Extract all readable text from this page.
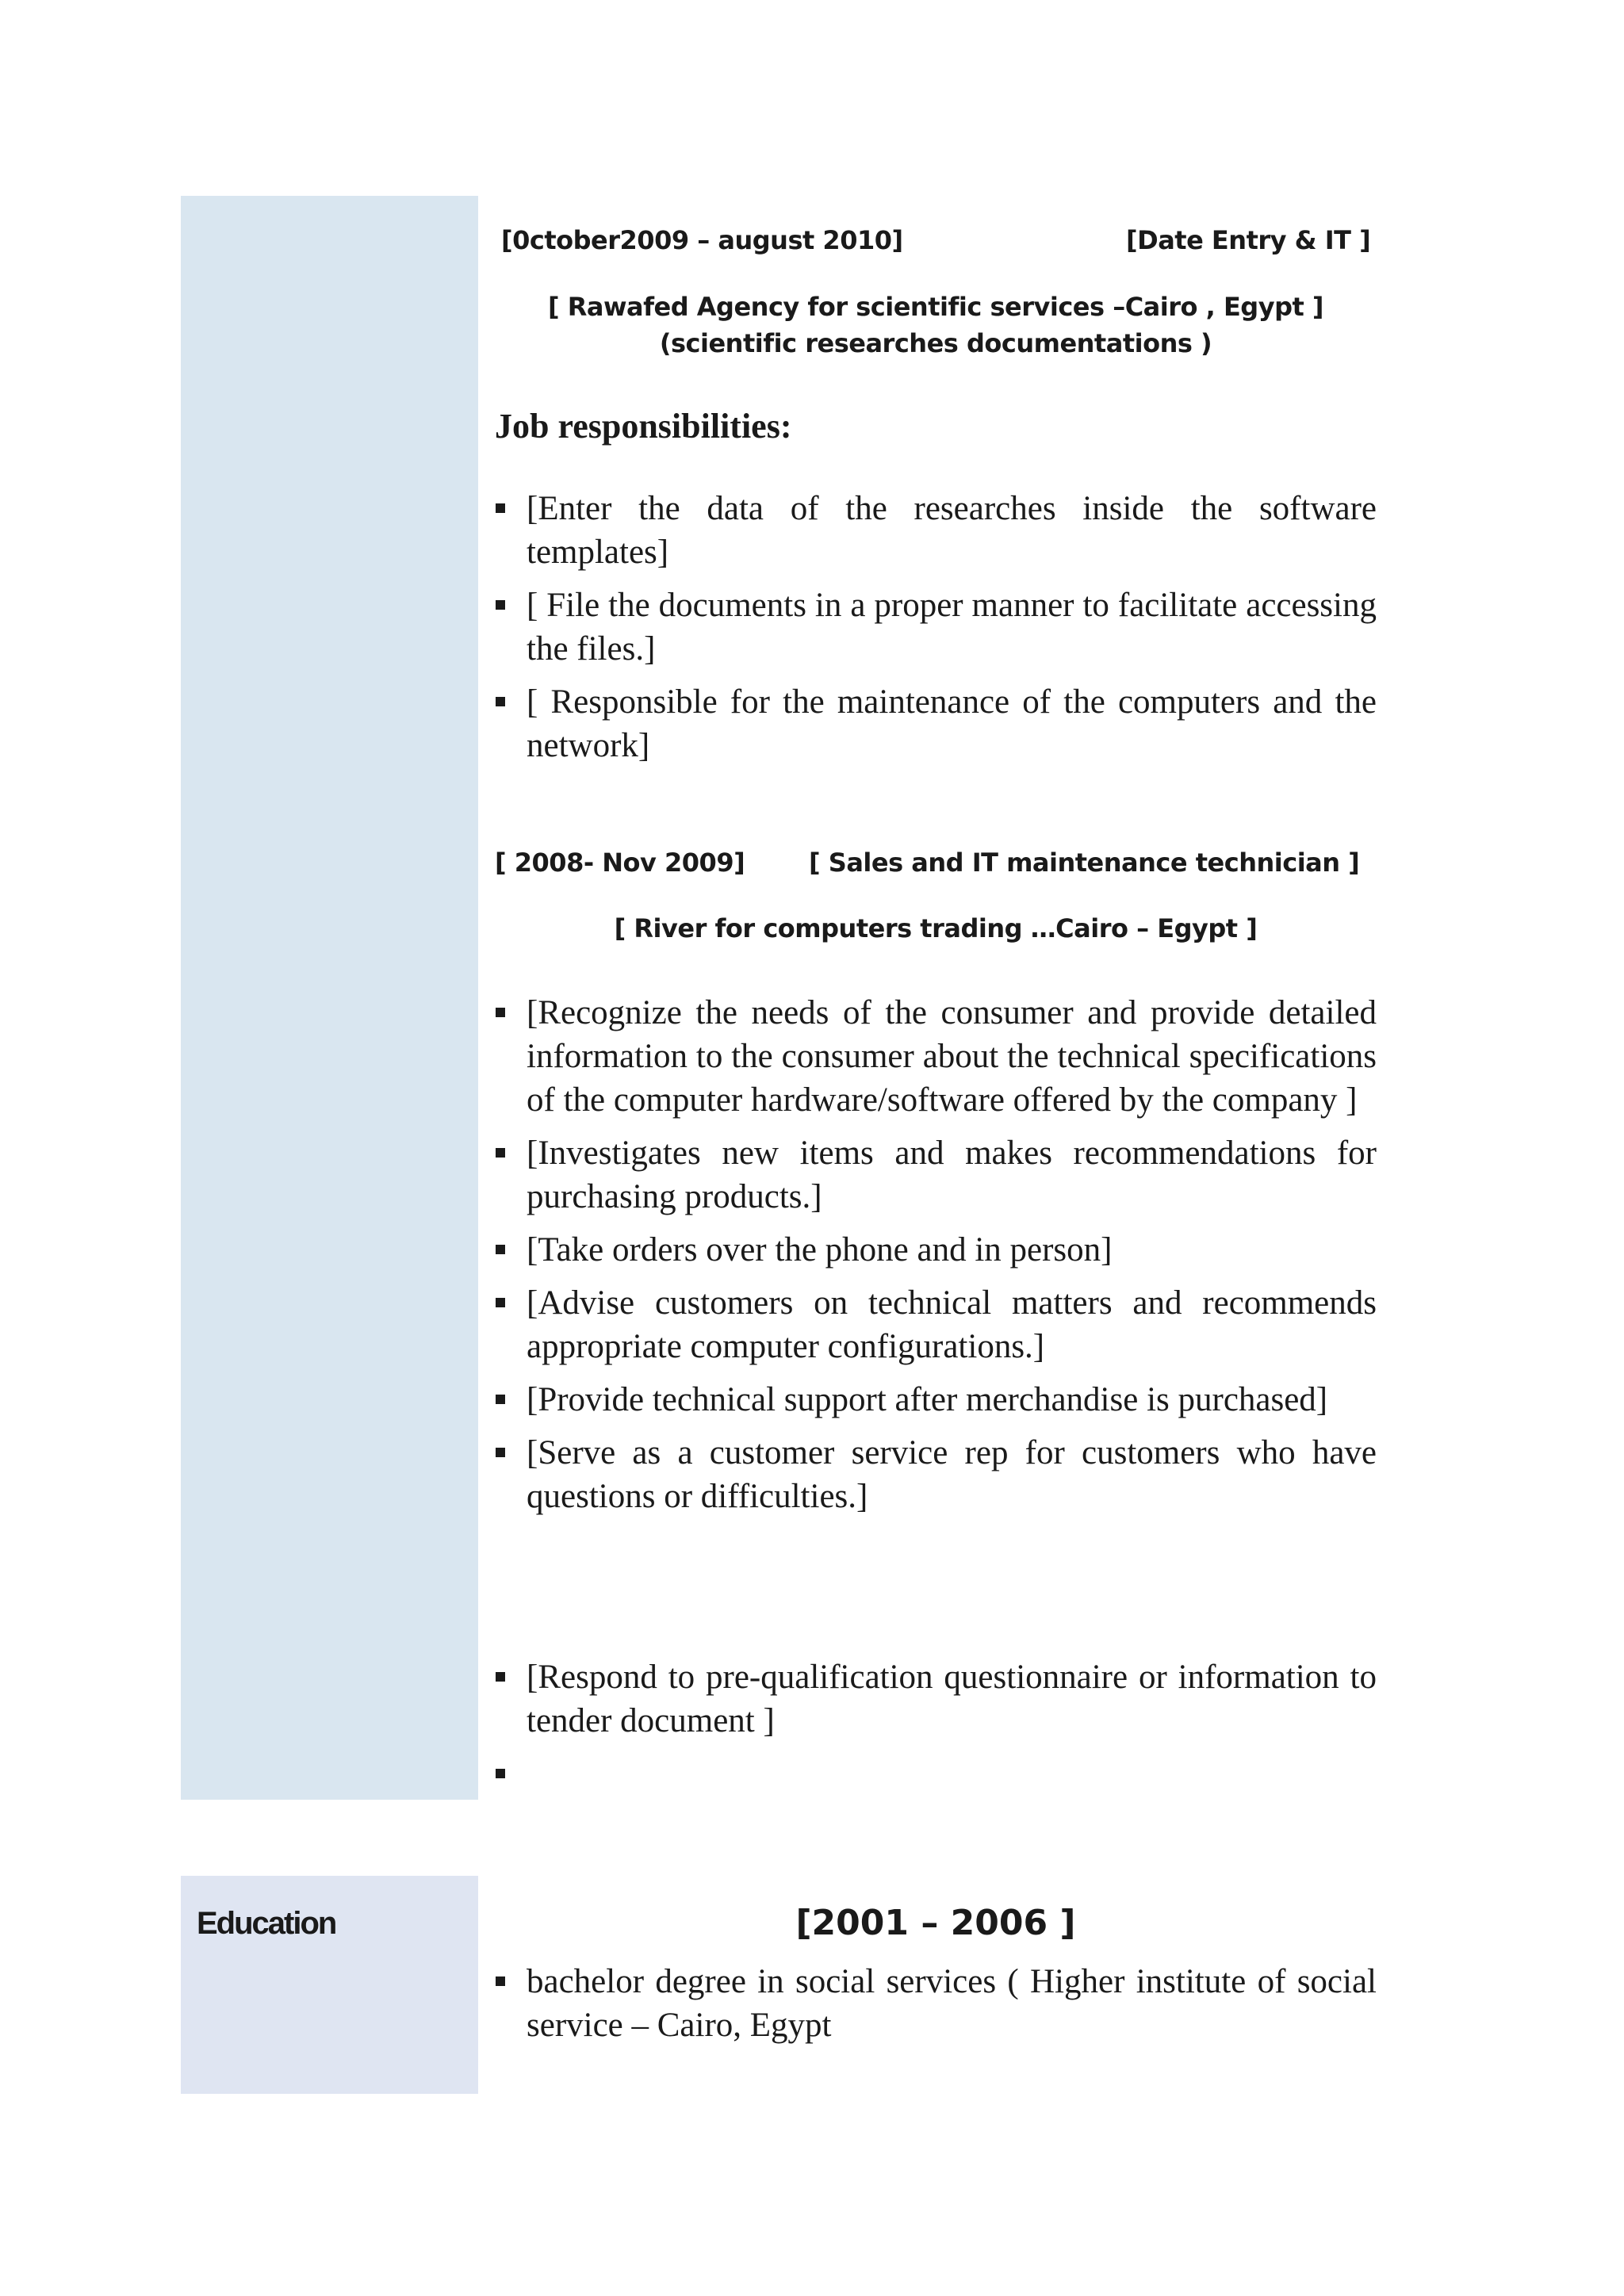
Education
[0ctober2009 – august 2010]	[Date Entry & IT ]
[ Rawafed Agency for scientific services –Cairo , Egypt ]
(scientific researches documentations )
Job responsibilities:
[Enter the data of the researches inside the software templates]
[ File the documents in a proper manner to facilitate accessing the files.]
[ Responsible for the maintenance of the computers and the network]
[ 2008- Nov 2009]	[ Sales and IT maintenance technician ]
[ River for computers trading …Cairo – Egypt ]
[Recognize the needs of the consumer and provide detailed information to the consumer about the technical specifications of the computer hardware/software offered by the company ]
[Investigates new items and makes recommendations for purchasing products.]
[Take orders over the phone and in person]
[Advise customers on technical matters and recommends appropriate computer configurations.]
[Provide technical support after merchandise is purchased]
[Serve as a customer service rep for customers who have questions or difficulties.]
[Respond to pre-qualification questionnaire or information to tender document ]
[2001 – 2006 ]
bachelor degree in social services ( Higher institute of social service – Cairo, Egypt
